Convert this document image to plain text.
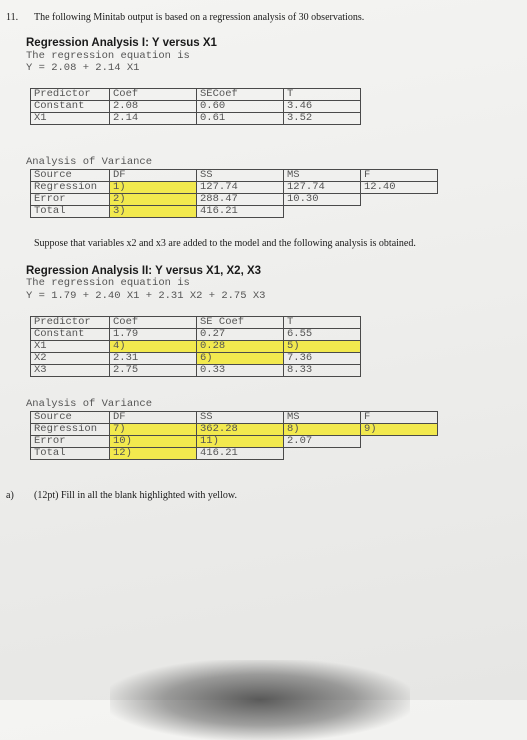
11. The following Minitab output is based on a regression analysis of 30 observations.
Regression Analysis I: Y versus X1
The regression equation is
Y = 2.08 + 2.14 X1
Predictor	Coef	SECoef	T
Constant	2.08	0.60	3.46
X1	2.14	0.61	3.52
Analysis of Variance
Source	DF	SS	MS	F
Regression	1)	127.74	127.74	12.40
Error	2)	288.47	10.30	
Total	3)	416.21		
Suppose that variables x2 and x3 are added to the model and the following analysis is obtained.
Regression Analysis II: Y versus X1, X2, X3
The regression equation is
Y = 1.79 + 2.40 X1 + 2.31 X2 + 2.75 X3
Predictor	Coef	SE Coef	T
Constant	1.79	0.27	6.55
X1	4)	0.28	5)
X2	2.31	6)	7.36
X3	2.75	0.33	8.33
Analysis of Variance
Source	DF	SS	MS	F
Regression	7)	362.28	8)	9)
Error	10)	11)	2.07	
Total	12)	416.21		
a) (12pt) Fill in all the blank highlighted with yellow.
